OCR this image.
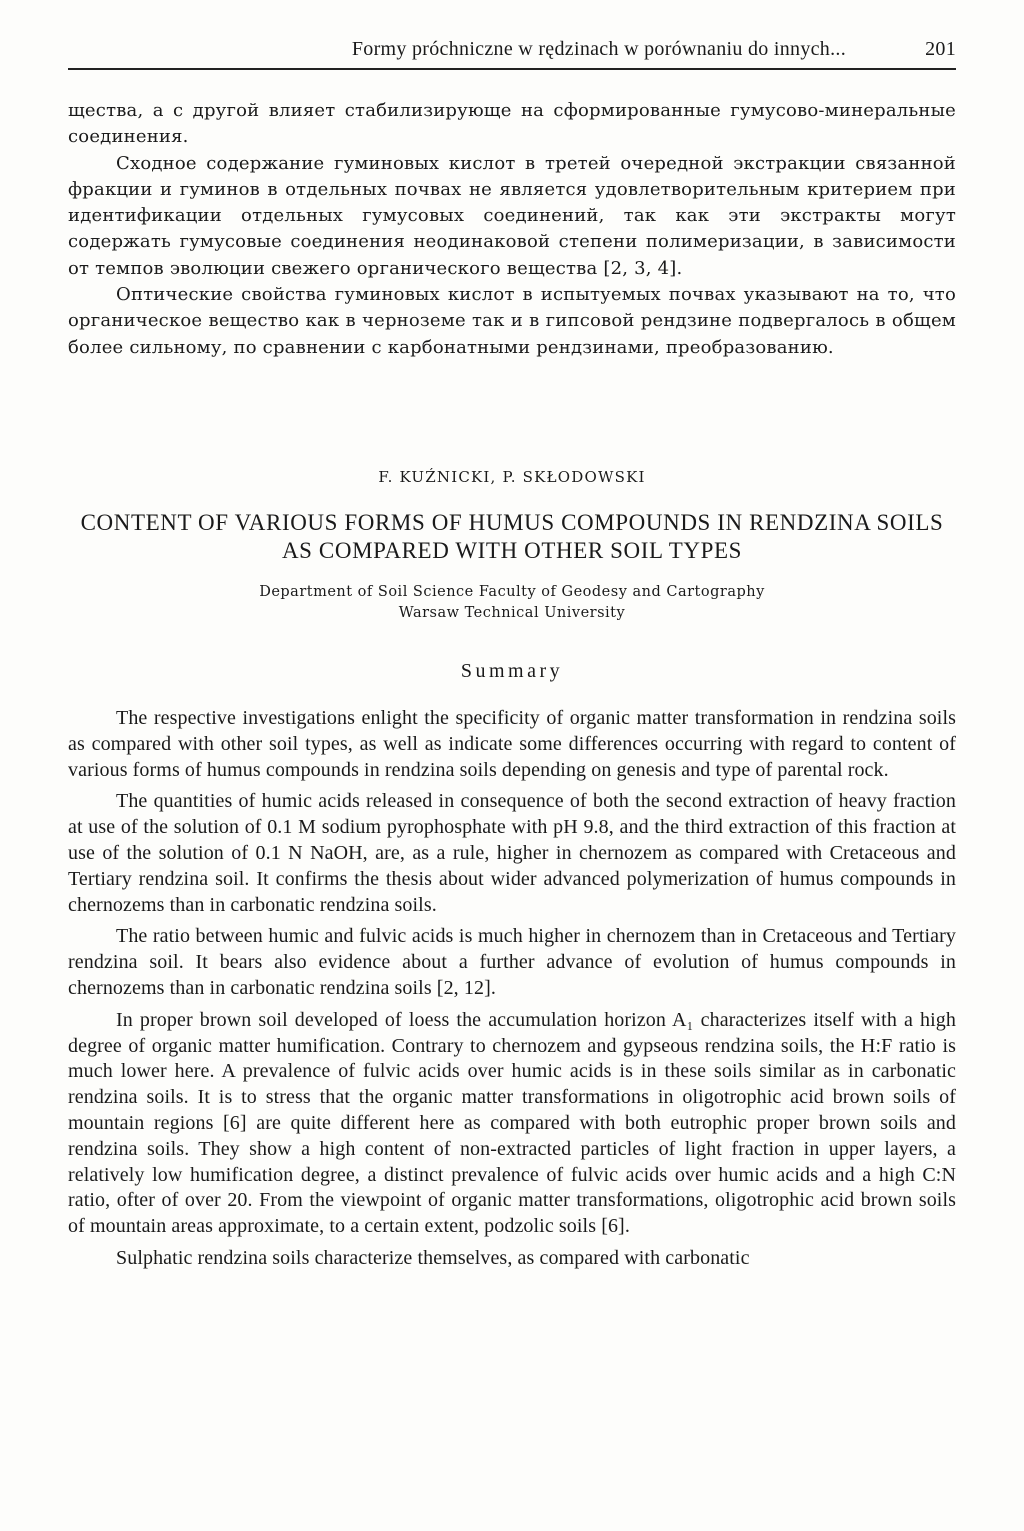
Formy próchniczne w rędzinach w porównaniu do innych...	201

щества, а с другой влияет стабилизирующе на сформированные гумусово-минеральные соединения.

Сходное содержание гуминовых кислот в третей очередной экстракции связанной фракции и гуминов в отдельных почвах не является удовлетворительным критерием при идентификации отдельных гумусовых соединений, так как эти экстракты могут содержать гумусовые соединения неодинаковой степени полимеризации, в зависимости от темпов эволюции свежего органического вещества [2, 3, 4].

Оптические свойства гуминовых кислот в испытуемых почвах указывают на то, что органическое вещество как в черноземе так и в гипсовой рендзине подвергалось в общем более сильному, по сравнении с карбонатными рендзинами, преобразованию.

F. KUŹNICKI, P. SKŁODOWSKI
CONTENT OF VARIOUS FORMS OF HUMUS COMPOUNDS IN RENDZINA SOILS AS COMPARED WITH OTHER SOIL TYPES
Department of Soil Science Faculty of Geodesy and Cartography
Warsaw Technical University
Summary

The respective investigations enlight the specificity of organic matter transformation in rendzina soils as compared with other soil types, as well as indicate some differences occurring with regard to content of various forms of humus compounds in rendzina soils depending on genesis and type of parental rock.

The quantities of humic acids released in consequence of both the second extraction of heavy fraction at use of the solution of 0.1 M sodium pyrophosphate with pH 9.8, and the third extraction of this fraction at use of the solution of 0.1 N NaOH, are, as a rule, higher in chernozem as compared with Cretaceous and Tertiary rendzina soil. It confirms the thesis about wider advanced polymerization of humus compounds in chernozems than in carbonatic rendzina soils.

The ratio between humic and fulvic acids is much higher in chernozem than in Cretaceous and Tertiary rendzina soil. It bears also evidence about a further advance of evolution of humus compounds in chernozems than in carbonatic rendzina soils [2, 12].

In proper brown soil developed of loess the accumulation horizon A₁ characterizes itself with a high degree of organic matter humification. Contrary to chernozem and gypseous rendzina soils, the H:F ratio is much lower here. A prevalence of fulvic acids over humic acids is in these soils similar as in carbonatic rendzina soils. It is to stress that the organic matter transformations in oligotrophic acid brown soils of mountain regions [6] are quite different here as compared with both eutrophic proper brown soils and rendzina soils. They show a high content of non-extracted particles of light fraction in upper layers, a relatively low humification degree, a distinct prevalence of fulvic acids over humic acids and a high C:N ratio, ofter of over 20. From the viewpoint of organic matter transformations, oligotrophic acid brown soils of mountain areas approximate, to a certain extent, podzolic soils [6].

Sulphatic rendzina soils characterize themselves, as compared with carbonatic
